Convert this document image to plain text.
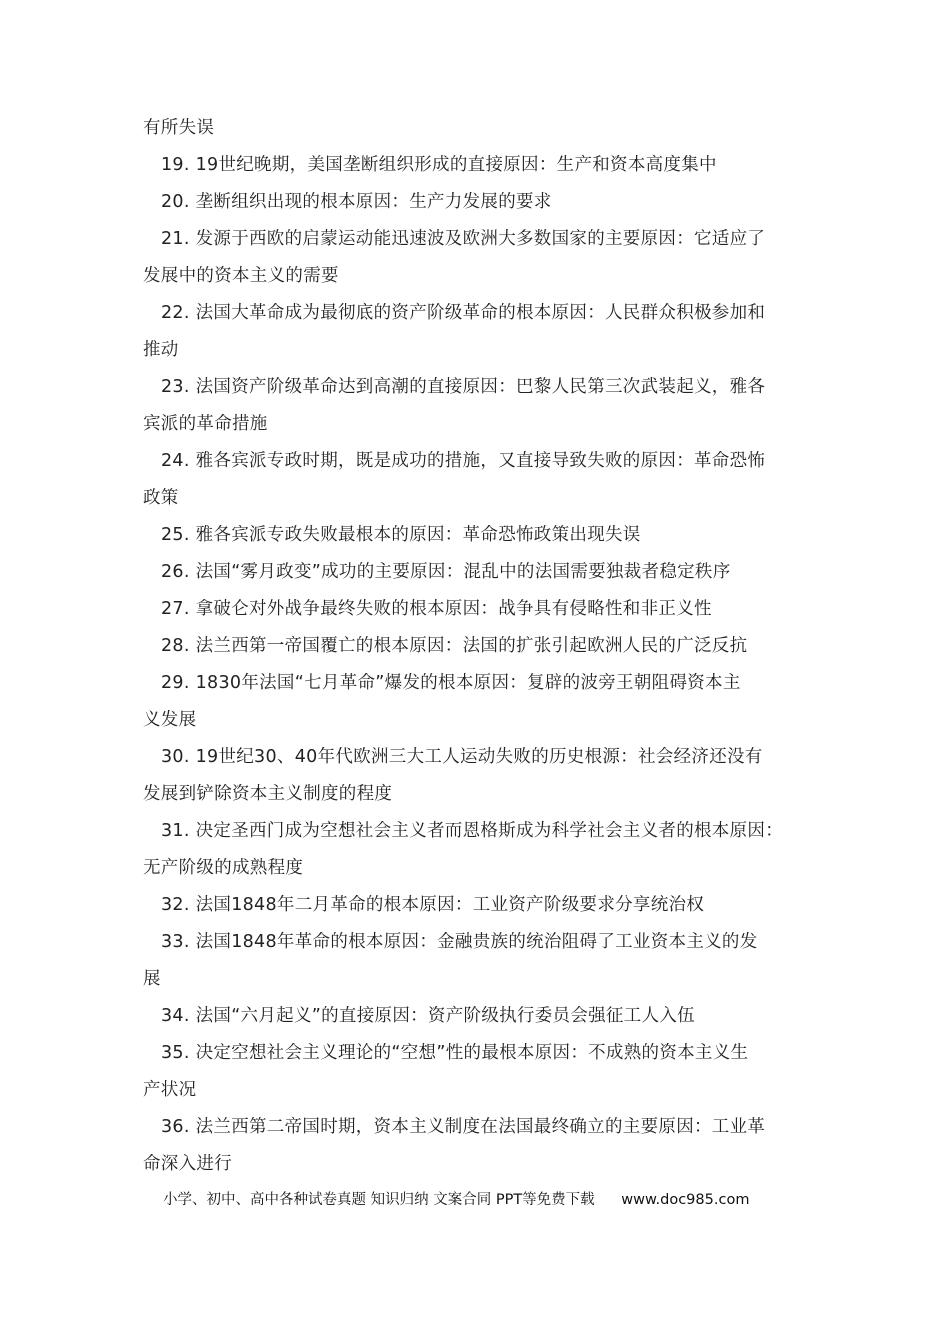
有所失误
19. 19世纪晚期，美国垄断组织形成的直接原因：生产和资本高度集中
20. 垄断组织出现的根本原因：生产力发展的要求
21. 发源于西欧的启蒙运动能迅速波及欧洲大多数国家的主要原因：它适应了
发展中的资本主义的需要
22. 法国大革命成为最彻底的资产阶级革命的根本原因：人民群众积极参加和
推动
23. 法国资产阶级革命达到高潮的直接原因：巴黎人民第三次武装起义，雅各
宾派的革命措施
24. 雅各宾派专政时期，既是成功的措施，又直接导致失败的原因：革命恐怖
政策
25. 雅各宾派专政失败最根本的原因：革命恐怖政策出现失误
26. 法国“雾月政变”成功的主要原因：混乱中的法国需要独裁者稳定秩序
27. 拿破仑对外战争最终失败的根本原因：战争具有侵略性和非正义性
28. 法兰西第一帝国覆亡的根本原因：法国的扩张引起欧洲人民的广泛反抗
29. 1830年法国“七月革命”爆发的根本原因：复辟的波旁王朝阻碍资本主
义发展
30. 19世纪30、40年代欧洲三大工人运动失败的历史根源：社会经济还没有
发展到铲除资本主义制度的程度
31. 决定圣西门成为空想社会主义者而恩格斯成为科学社会主义者的根本原因：
无产阶级的成熟程度
32. 法国1848年二月革命的根本原因：工业资产阶级要求分享统治权
33. 法国1848年革命的根本原因：金融贵族的统治阻碍了工业资本主义的发
展
34. 法国“六月起义”的直接原因：资产阶级执行委员会强征工人入伍
35. 决定空想社会主义理论的“空想”性的最根本原因：不成熟的资本主义生
产状况
36. 法兰西第二帝国时期，资本主义制度在法国最终确立的主要原因：工业革
命深入进行
小学、初中、高中各种试卷真题 知识归纳 文案合同 PPT等免费下载 www.doc985.com
